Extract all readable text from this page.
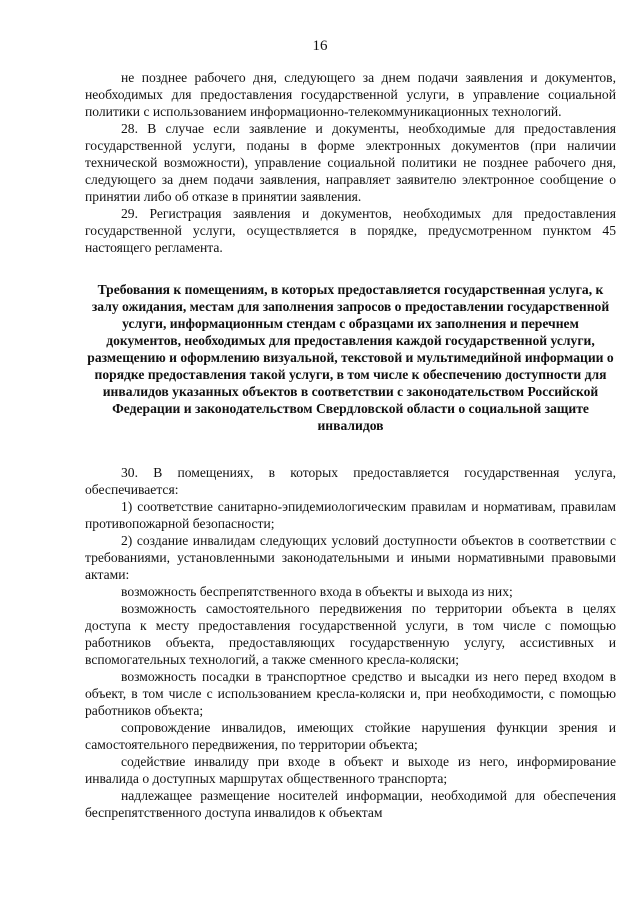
16

не позднее рабочего дня, следующего за днем подачи заявления и документов, необходимых для предоставления государственной услуги, в управление социальной политики с использованием информационно-телекоммуникационных технологий.

28. В случае если заявление и документы, необходимые для предоставления государственной услуги, поданы в форме электронных документов (при наличии технической возможности), управление социальной политики не позднее рабочего дня, следующего за днем подачи заявления, направляет заявителю электронное сообщение о принятии либо об отказе в принятии заявления.

29. Регистрация заявления и документов, необходимых для предоставления государственной услуги, осуществляется в порядке, предусмотренном пунктом 45 настоящего регламента.

Требования к помещениям, в которых предоставляется государственная услуга, к залу ожидания, местам для заполнения запросов о предоставлении государственной услуги, информационным стендам с образцами их заполнения и перечнем документов, необходимых для предоставления каждой государственной услуги, размещению и оформлению визуальной, текстовой и мультимедийной информации о порядке предоставления такой услуги, в том числе к обеспечению доступности для инвалидов указанных объектов в соответствии с законодательством Российской Федерации и законодательством Свердловской области о социальной защите инвалидов

30. В помещениях, в которых предоставляется государственная услуга, обеспечивается:

1) соответствие санитарно-эпидемиологическим правилам и нормативам, правилам противопожарной безопасности;

2) создание инвалидам следующих условий доступности объектов в соответствии с требованиями, установленными законодательными и иными нормативными правовыми актами:

возможность беспрепятственного входа в объекты и выхода из них;

возможность самостоятельного передвижения по территории объекта в целях доступа к месту предоставления государственной услуги, в том числе с помощью работников объекта, предоставляющих государственную услугу, ассистивных и вспомогательных технологий, а также сменного кресла-коляски;

возможность посадки в транспортное средство и высадки из него перед входом в объект, в том числе с использованием кресла-коляски и, при необходимости, с помощью работников объекта;

сопровождение инвалидов, имеющих стойкие нарушения функции зрения и самостоятельного передвижения, по территории объекта;

содействие инвалиду при входе в объект и выходе из него, информирование инвалида о доступных маршрутах общественного транспорта;

надлежащее размещение носителей информации, необходимой для обеспечения беспрепятственного доступа инвалидов к объектам
